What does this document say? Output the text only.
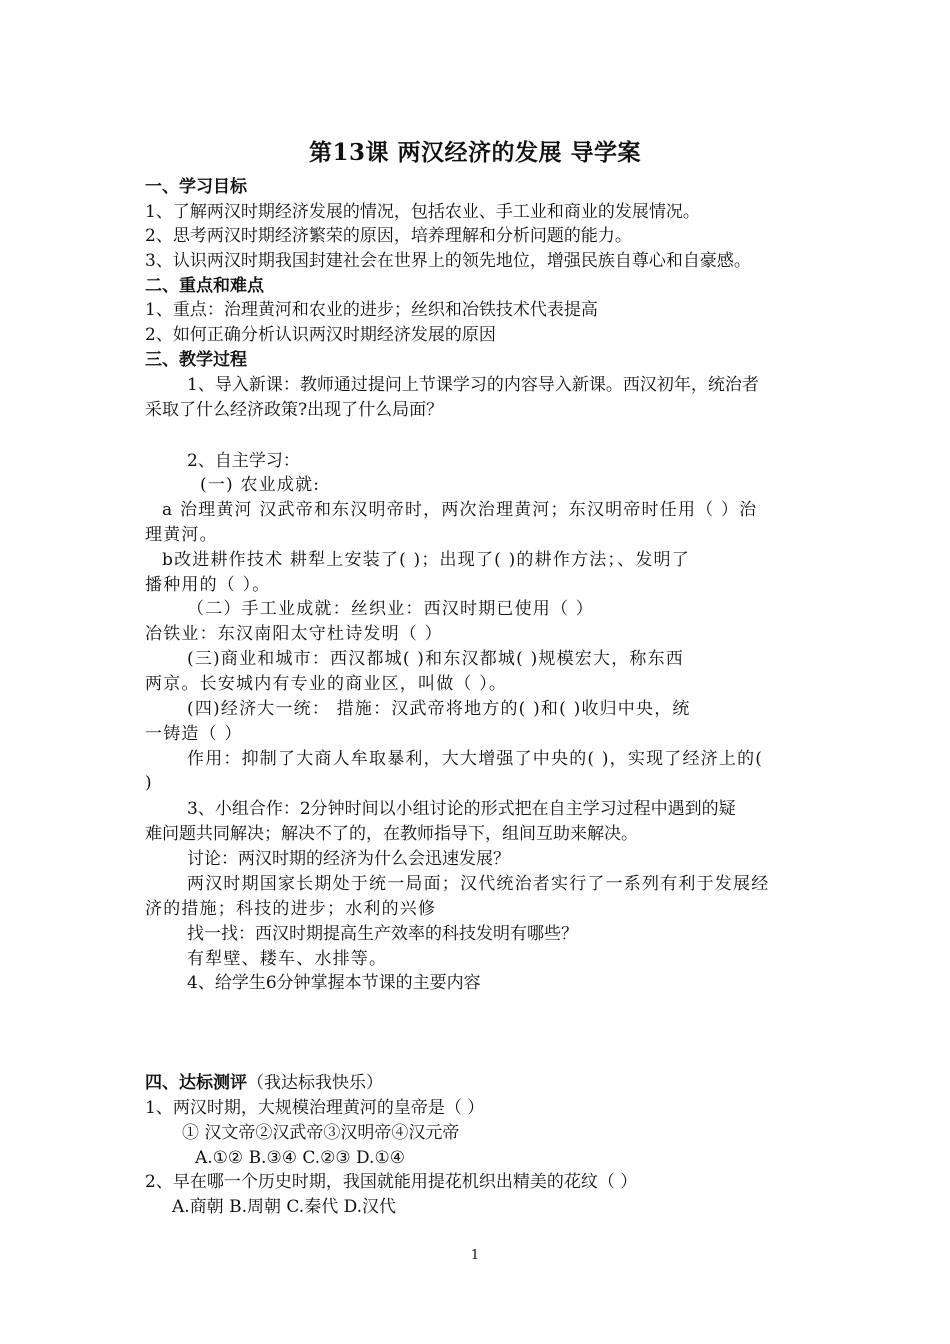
第13课 两汉经济的发展 导学案
一、学习目标
1、了解两汉时期经济发展的情况，包括农业、手工业和商业的发展情况。
2、思考两汉时期经济繁荣的原因，培养理解和分析问题的能力。
3、认识两汉时期我国封建社会在世界上的领先地位，增强民族自尊心和自豪感。
二、重点和难点
1、重点：治理黄河和农业的进步；丝织和冶铁技术代表提高
2、如何正确分析认识两汉时期经济发展的原因
三、教学过程
1、导入新课：教师通过提问上节课学习的内容导入新课。西汉初年，统治者
采取了什么经济政策?出现了什么局面？
2、自主学习：
(一) 农业成就:
a 治理黄河 汉武帝和东汉明帝时，两次治理黄河；东汉明帝时任用（ ）治
理黄河。
b改进耕作技术 耕犁上安装了( )；出现了( )的耕作方法；、发明了
播种用的（ ）。
（二）手工业成就：丝织业：西汉时期已使用（ ）
冶铁业：东汉南阳太守杜诗发明（ ）
(三)商业和城市：西汉都城( )和东汉都城( )规模宏大，称东西
两京。长安城内有专业的商业区，叫做（ ）。
(四)经济大一统： 措施：汉武帝将地方的( )和( )收归中央，统
一铸造（ ）
作用：抑制了大商人牟取暴利，大大增强了中央的( )，实现了经济上的(
)
3、小组合作：2分钟时间以小组讨论的形式把在自主学习过程中遇到的疑
难问题共同解决；解决不了的，在教师指导下，组间互助来解决。
讨论：两汉时期的经济为什么会迅速发展？
两汉时期国家长期处于统一局面；汉代统治者实行了一系列有利于发展经
济的措施；科技的进步；水利的兴修
找一找：西汉时期提高生产效率的科技发明有哪些？
有犁壁、耧车、水排等。
4、给学生6分钟掌握本节课的主要内容
四、达标测评（我达标我快乐）
1、两汉时期，大规模治理黄河的皇帝是（ ）
① 汉文帝②汉武帝③汉明帝④汉元帝
A.①② B.③④ C.②③ D.①④
2、早在哪一个历史时期，我国就能用提花机织出精美的花纹（ ）
A.商朝 B.周朝 C.秦代 D.汉代
1
